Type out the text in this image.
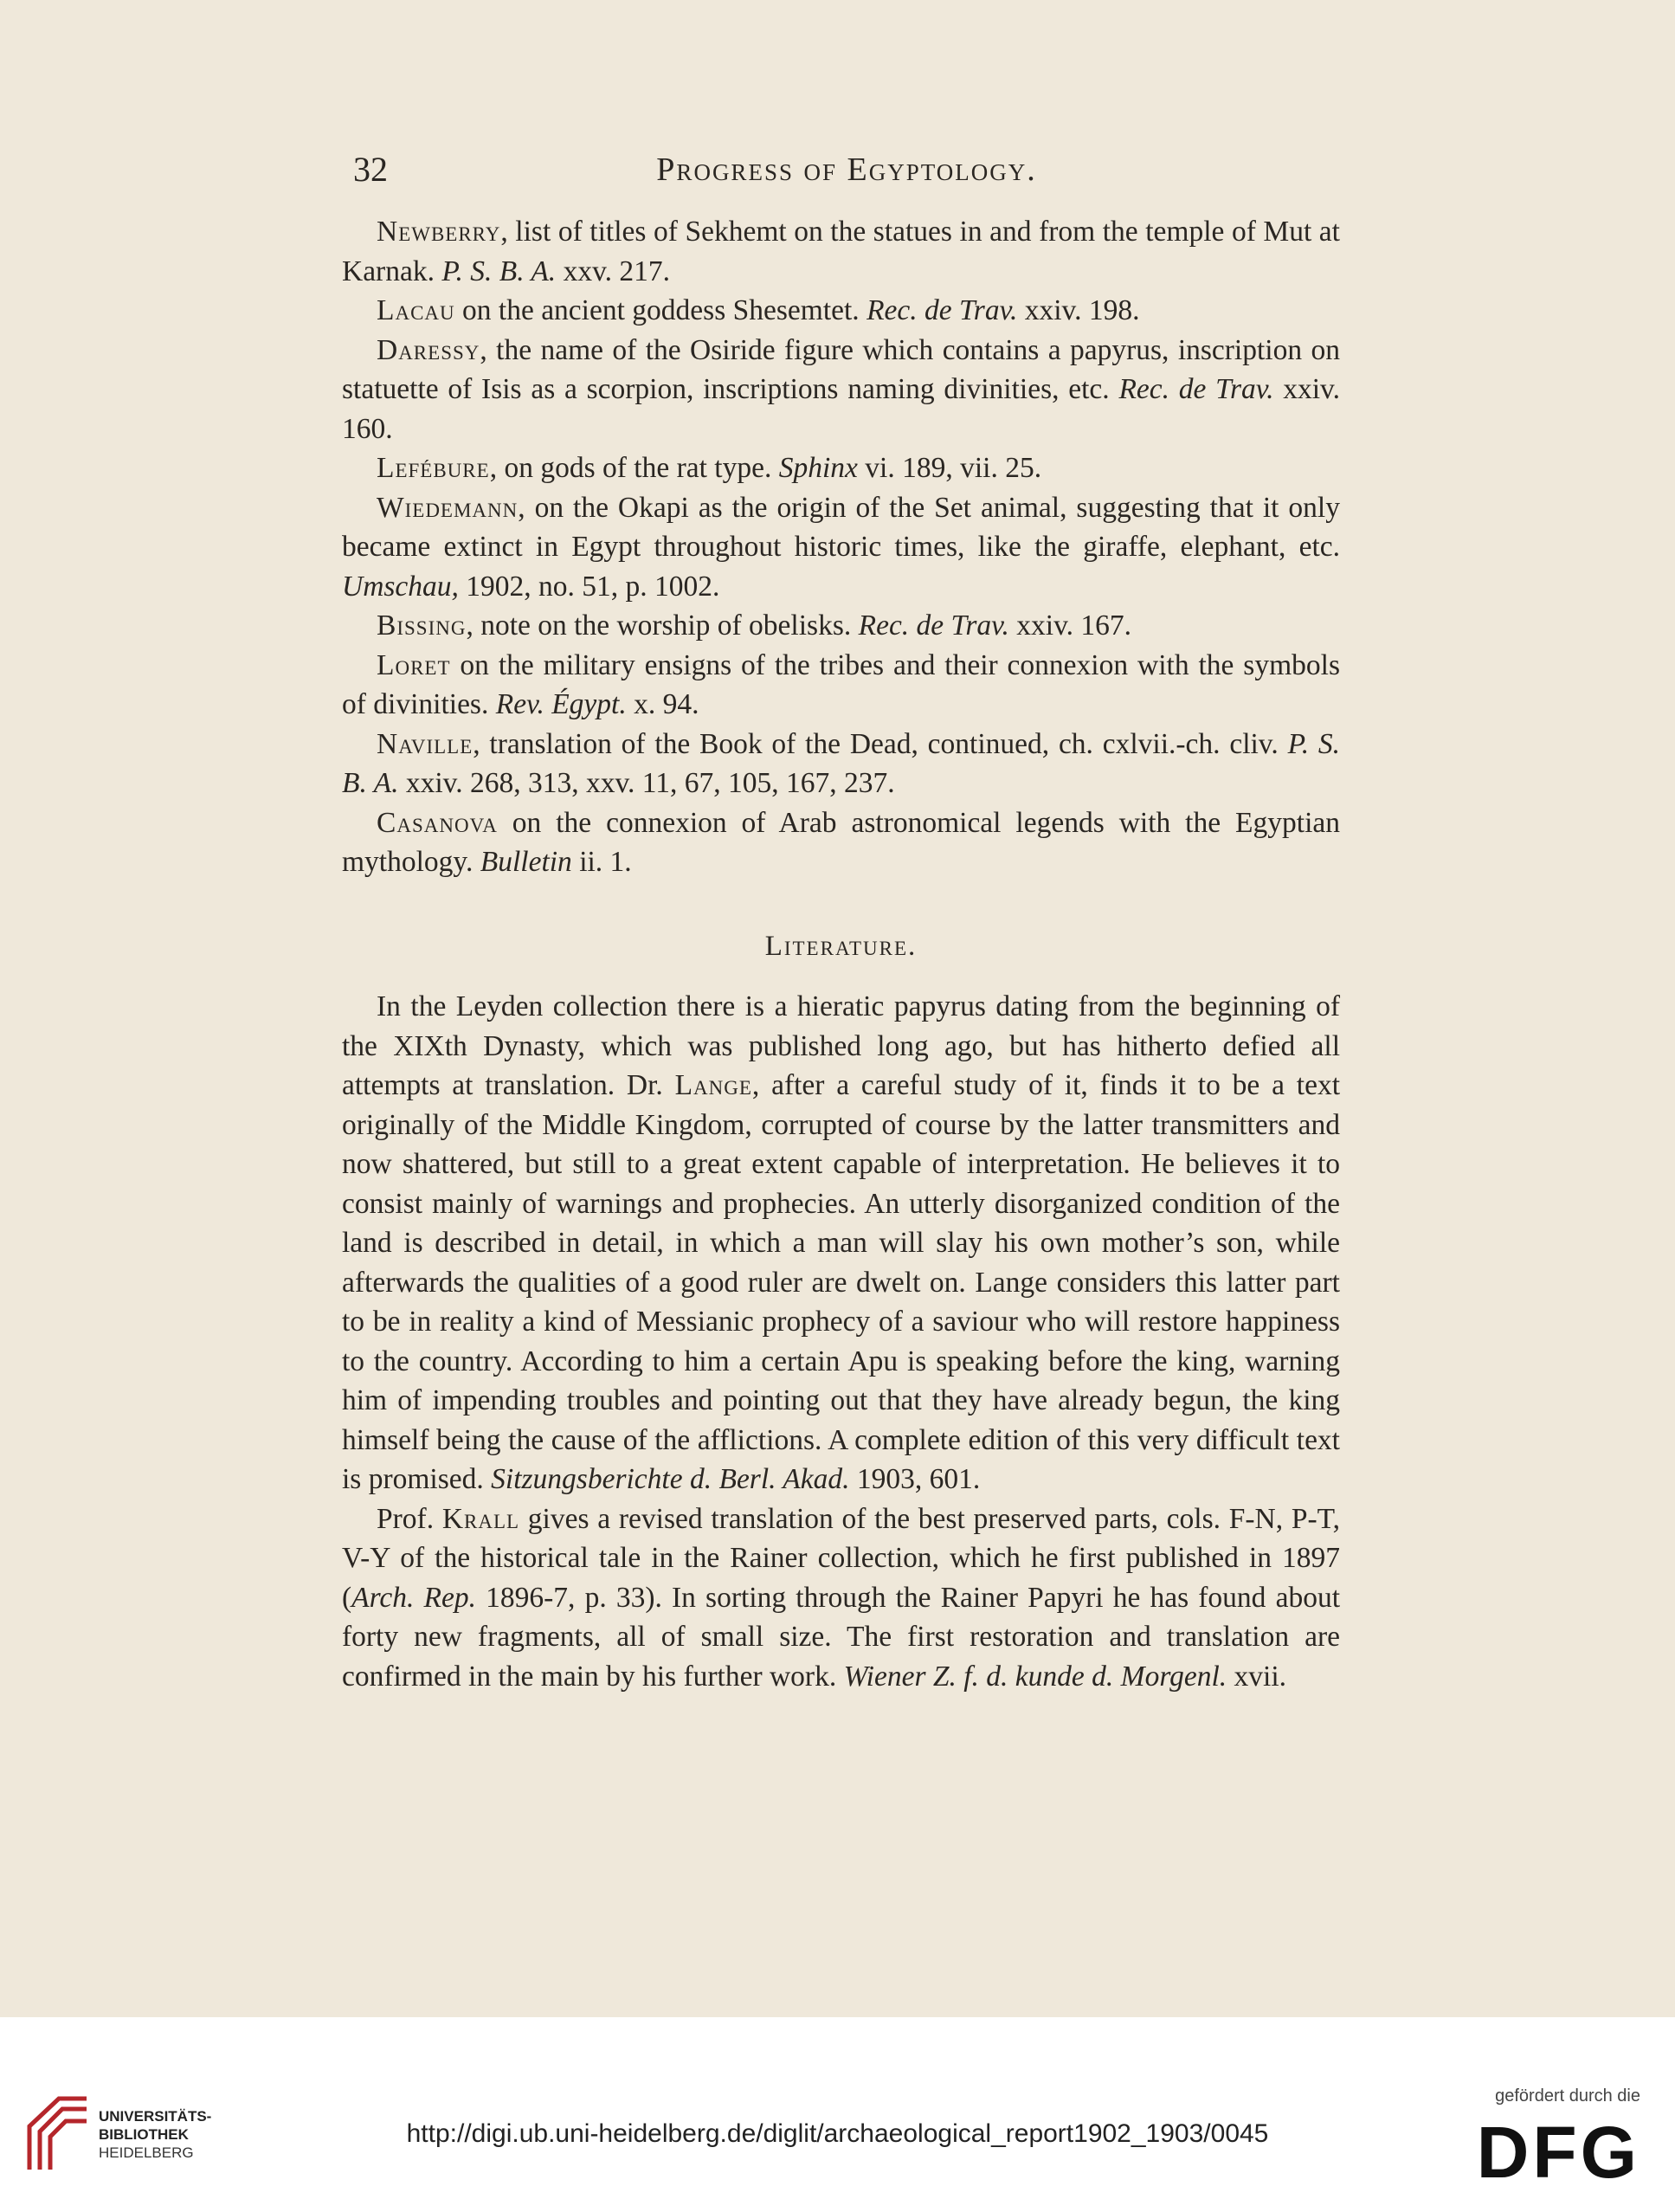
32	Progress of Egyptology.

Newberry, list of titles of Sekhemt on the statues in and from the temple of Mut at Karnak. P. S. B. A. xxv. 217.

Lacau on the ancient goddess Shesemtet. Rec. de Trav. xxiv. 198.

Daressy, the name of the Osiride figure which contains a papyrus, inscription on statuette of Isis as a scorpion, inscriptions naming divinities, etc. Rec. de Trav. xxiv. 160.

Lefébure, on gods of the rat type. Sphinx vi. 189, vii. 25.

Wiedemann, on the Okapi as the origin of the Set animal, suggesting that it only became extinct in Egypt throughout historic times, like the giraffe, elephant, etc. Umschau, 1902, no. 51, p. 1002.

Bissing, note on the worship of obelisks. Rec. de Trav. xxiv. 167.

Loret on the military ensigns of the tribes and their connexion with the symbols of divinities. Rev. Égypt. x. 94.

Naville, translation of the Book of the Dead, continued, ch. cxlvii.-ch. cliv. P. S. B. A. xxiv. 268, 313, xxv. 11, 67, 105, 167, 237.

Casanova on the connexion of Arab astronomical legends with the Egyptian mythology. Bulletin ii. 1.

Literature.

In the Leyden collection there is a hieratic papyrus dating from the beginning of the XIXth Dynasty, which was published long ago, but has hitherto defied all attempts at translation. Dr. Lange, after a careful study of it, finds it to be a text originally of the Middle Kingdom, corrupted of course by the latter transmitters and now shattered, but still to a great extent capable of interpretation. He believes it to consist mainly of warnings and prophecies. An utterly disorganized condition of the land is described in detail, in which a man will slay his own mother’s son, while afterwards the qualities of a good ruler are dwelt on. Lange considers this latter part to be in reality a kind of Messianic prophecy of a saviour who will restore happiness to the country. According to him a certain Apu is speaking before the king, warning him of impending troubles and pointing out that they have already begun, the king himself being the cause of the afflictions. A complete edition of this very difficult text is promised. Sitzungsberichte d. Berl. Akad. 1903, 601.

Prof. Krall gives a revised translation of the best preserved parts, cols. F-N, P-T, V-Y of the historical tale in the Rainer collection, which he first published in 1897 (Arch. Rep. 1896-7, p. 33). In sorting through the Rainer Papyri he has found about forty new fragments, all of small size. The first restoration and translation are confirmed in the main by his further work. Wiener Z. f. d. kunde d. Morgenl. xvii.

UNIVERSITÄTS-
BIBLIOTHEK
HEIDELBERG
http://digi.ub.uni-heidelberg.de/diglit/archaeological_report1902_1903/0045
gefördert durch die
DFG
